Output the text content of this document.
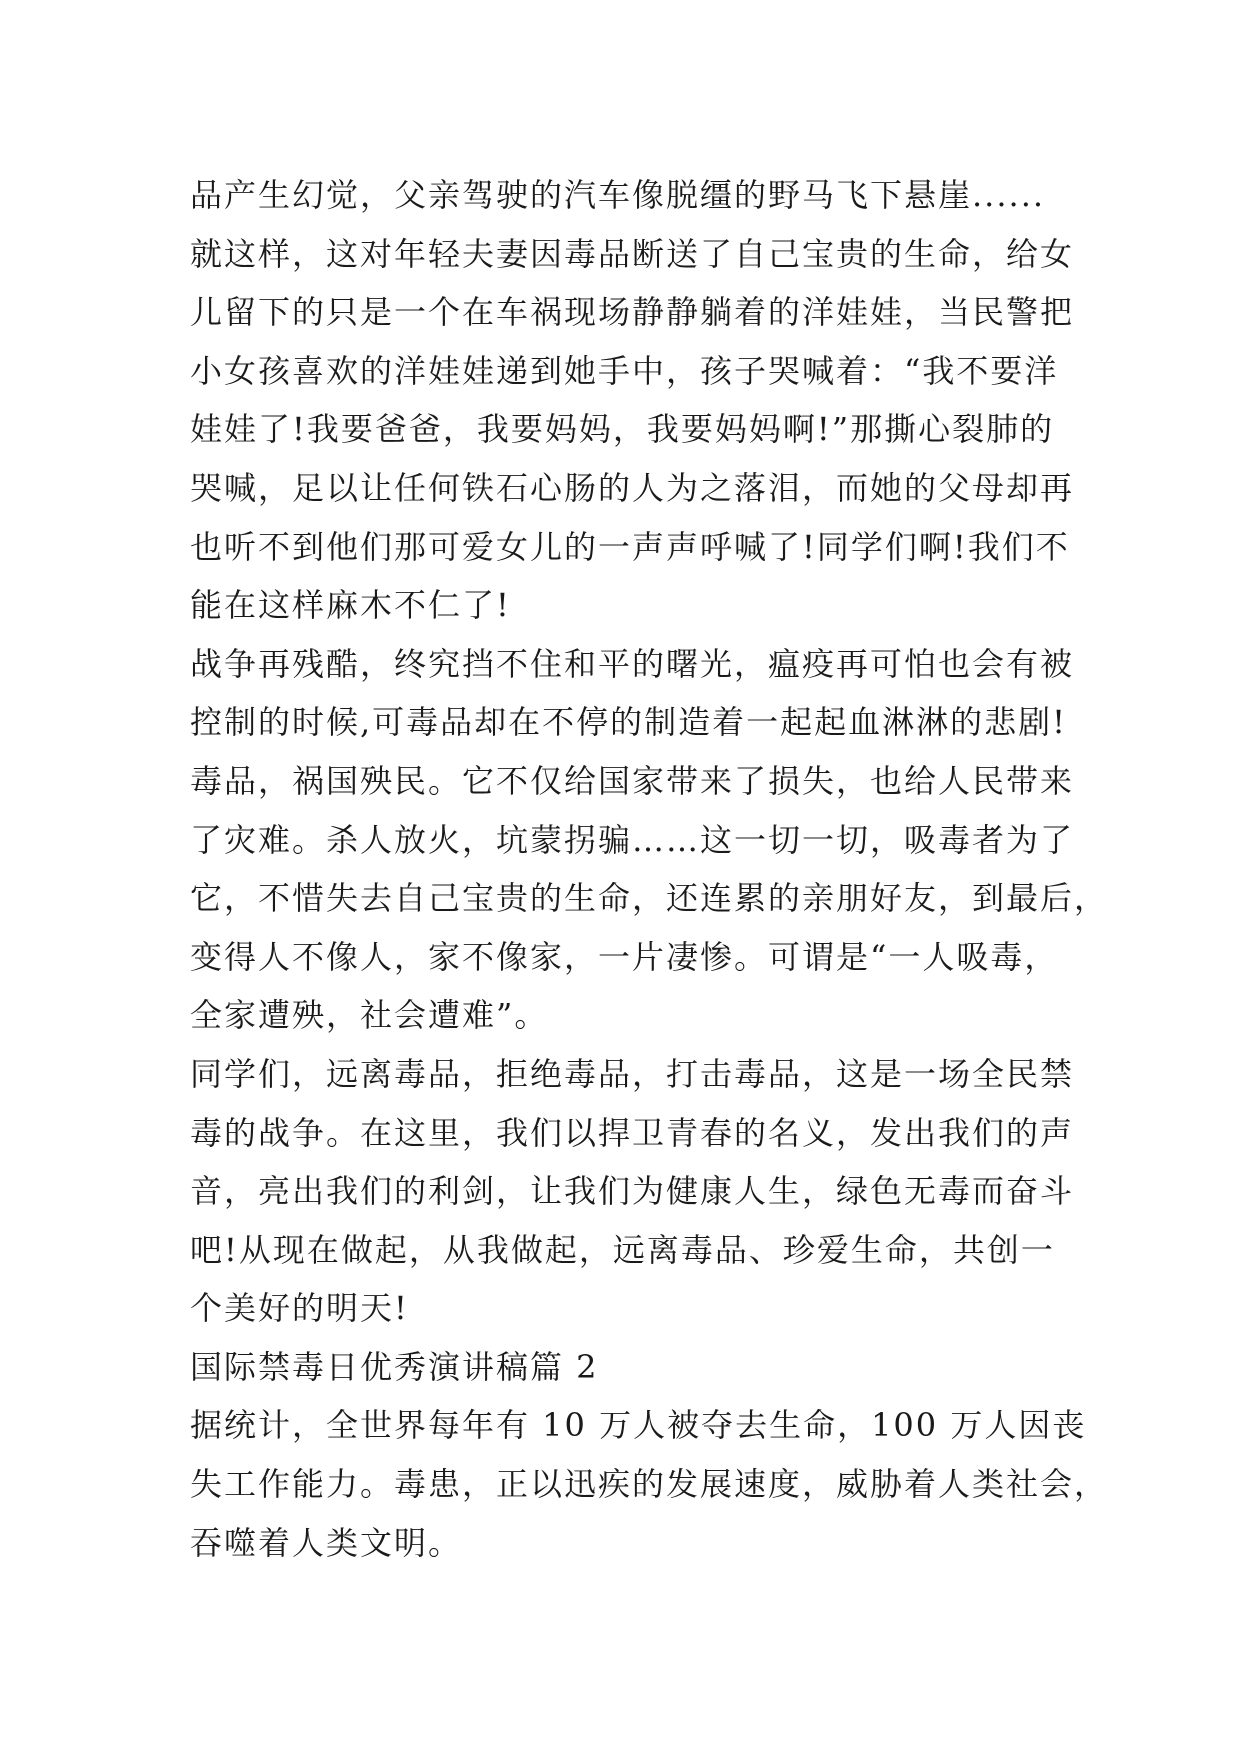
品产生幻觉，父亲驾驶的汽车像脱缰的野马飞下悬崖......
就这样，这对年轻夫妻因毒品断送了自己宝贵的生命，给女
儿留下的只是一个在车祸现场静静躺着的洋娃娃，当民警把
小女孩喜欢的洋娃娃递到她手中，孩子哭喊着：“我不要洋
娃娃了!我要爸爸，我要妈妈，我要妈妈啊!”那撕心裂肺的
哭喊，足以让任何铁石心肠的人为之落泪，而她的父母却再
也听不到他们那可爱女儿的一声声呼喊了!同学们啊!我们不
能在这样麻木不仁了!
战争再残酷，终究挡不住和平的曙光，瘟疫再可怕也会有被
控制的时候,可毒品却在不停的制造着一起起血淋淋的悲剧!
毒品，祸国殃民。它不仅给国家带来了损失，也给人民带来
了灾难。杀人放火，坑蒙拐骗……这一切一切，吸毒者为了
它，不惜失去自己宝贵的生命，还连累的亲朋好友，到最后，
变得人不像人，家不像家，一片凄惨。可谓是“一人吸毒，
全家遭殃，社会遭难”。
同学们，远离毒品，拒绝毒品，打击毒品，这是一场全民禁
毒的战争。在这里，我们以捍卫青春的名义，发出我们的声
音，亮出我们的利剑，让我们为健康人生，绿色无毒而奋斗
吧!从现在做起，从我做起，远离毒品、珍爱生命，共创一
个美好的明天!
国际禁毒日优秀演讲稿篇 2
据统计，全世界每年有 10 万人被夺去生命，100 万人因丧
失工作能力。毒患，正以迅疾的发展速度，威胁着人类社会，
吞噬着人类文明。
